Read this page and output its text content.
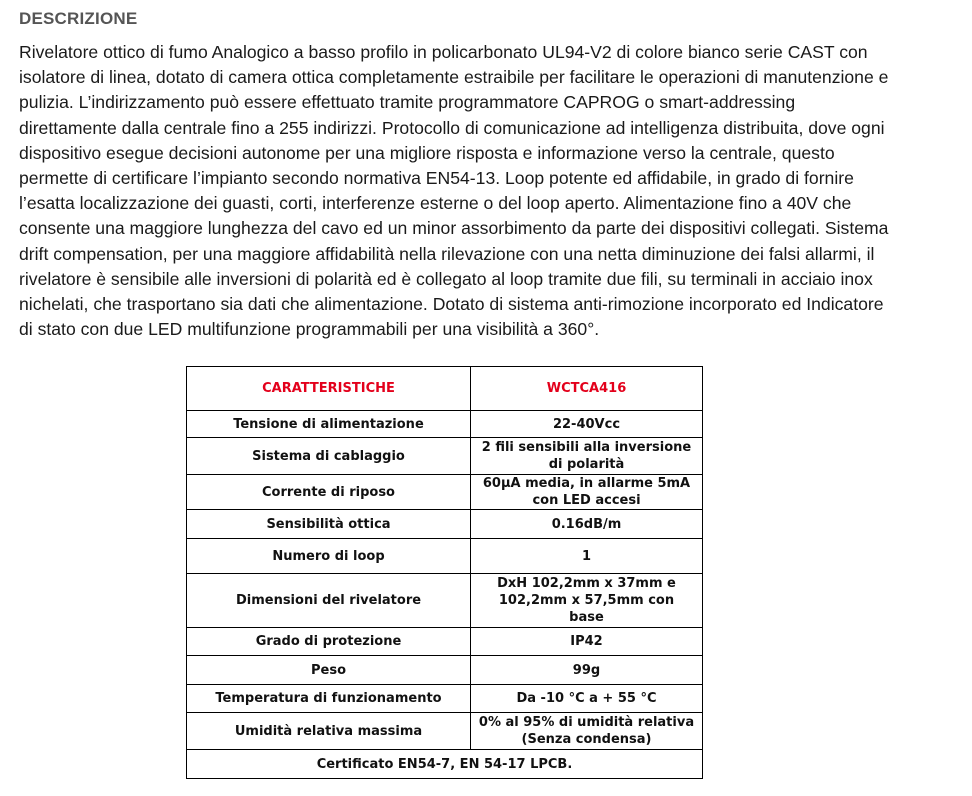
DESCRIZIONE
Rivelatore ottico di fumo Analogico a basso profilo in policarbonato UL94-V2 di colore bianco serie CAST con
isolatore di linea, dotato di camera ottica completamente estraibile per facilitare le operazioni di manutenzione e
pulizia. L’indirizzamento può essere effettuato tramite programmatore CAPROG o smart-addressing
direttamente dalla centrale fino a 255 indirizzi. Protocollo di comunicazione ad intelligenza distribuita, dove ogni
dispositivo esegue decisioni autonome per una migliore risposta e informazione verso la centrale, questo
permette di certificare l’impianto secondo normativa EN54-13. Loop potente ed affidabile, in grado di fornire
l’esatta localizzazione dei guasti, corti, interferenze esterne o del loop aperto. Alimentazione fino a 40V che
consente una maggiore lunghezza del cavo ed un minor assorbimento da parte dei dispositivi collegati. Sistema
drift compensation, per una maggiore affidabilità nella rilevazione con una netta diminuzione dei falsi allarmi, il
rivelatore è sensibile alle inversioni di polarità ed è collegato al loop tramite due fili, su terminali in acciaio inox
nichelati, che trasportano sia dati che alimentazione. Dotato di sistema anti-rimozione incorporato ed Indicatore
di stato con due LED multifunzione programmabili per una visibilità a 360°.
CARATTERISTICHE	WCTCA416
Tensione di alimentazione	22-40Vcc
Sistema di cablaggio	2 fili sensibili alla inversione
di polarità
Corrente di riposo	60µA media, in allarme 5mA
con LED accesi
Sensibilità ottica	0.16dB/m
Numero di loop	1
Dimensioni del rivelatore	DxH 102,2mm x 37mm e
102,2mm x 57,5mm con
base
Grado di protezione	IP42
Peso	99g
Temperatura di funzionamento	Da -10 °C a + 55 °C
Umidità relativa massima	0% al 95% di umidità relativa
(Senza condensa)
Certificato EN54-7, EN 54-17 LPCB.	
